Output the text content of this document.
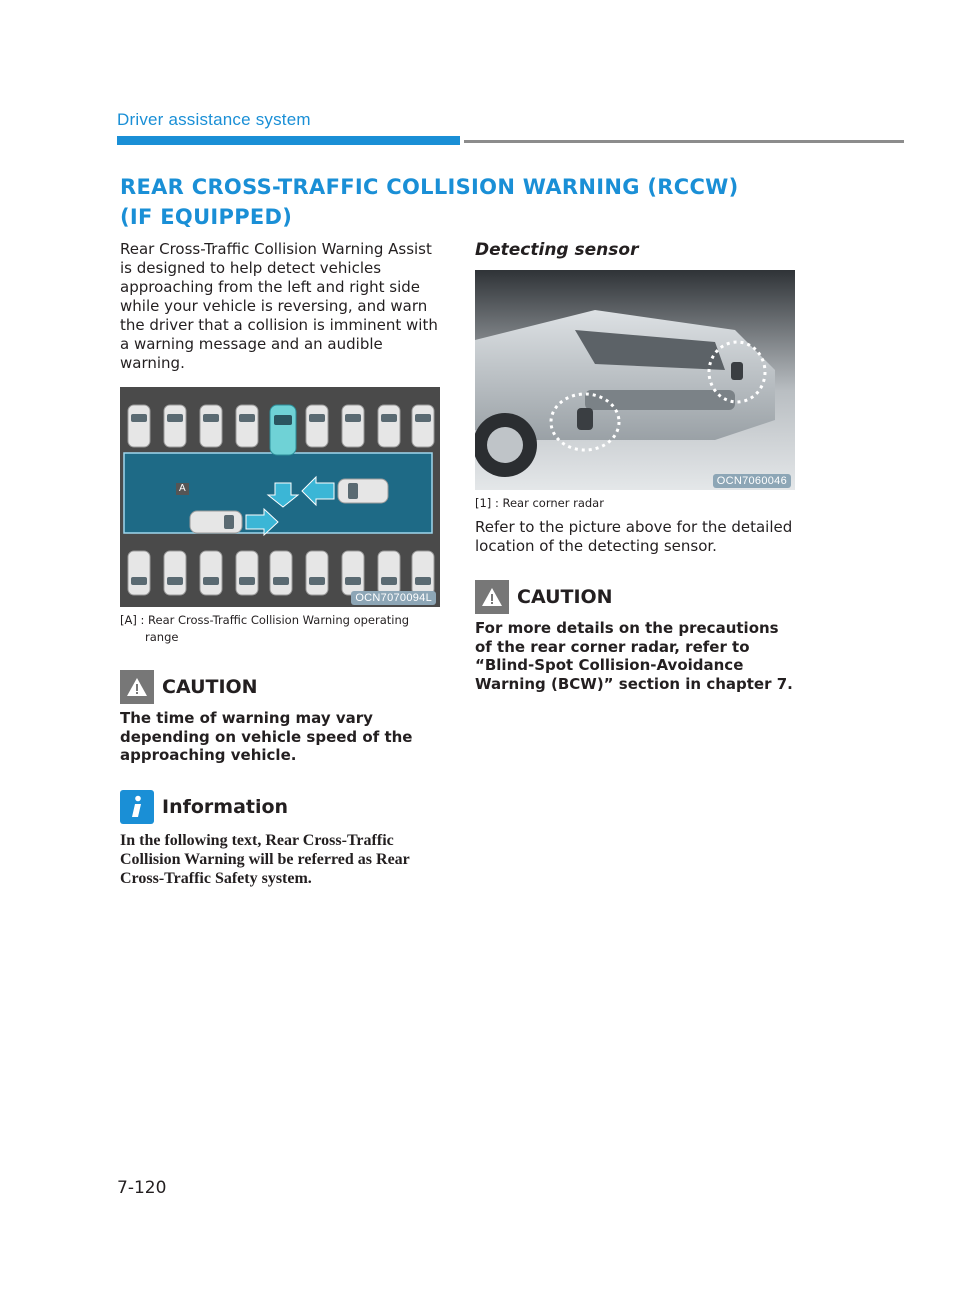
Driver assistance system
REAR CROSS-TRAFFIC COLLISION WARNING (RCCW)
(IF EQUIPPED)

Rear Cross-Traffic Collision Warning Assist is designed to help detect vehicles approaching from the left and right side while your vehicle is reversing, and warn the driver that a collision is imminent with a warning message and an audible warning.

A
OCN7070094L
[A] : Rear Cross-Traffic Collision Warning operating
range
CAUTION

The time of warning may vary depending on vehicle speed of the approaching vehicle.

Information

In the following text, Rear Cross-Traffic Collision Warning will be referred as Rear Cross-Traffic Safety system.

Detecting sensor
OCN7060046
[1] : Rear corner radar

Refer to the picture above for the detailed location of the detecting sensor.

CAUTION

For more details on the precautions of the rear corner radar, refer to “Blind-Spot Collision-Avoidance Warning (BCW)” section in chapter 7.

7-120
